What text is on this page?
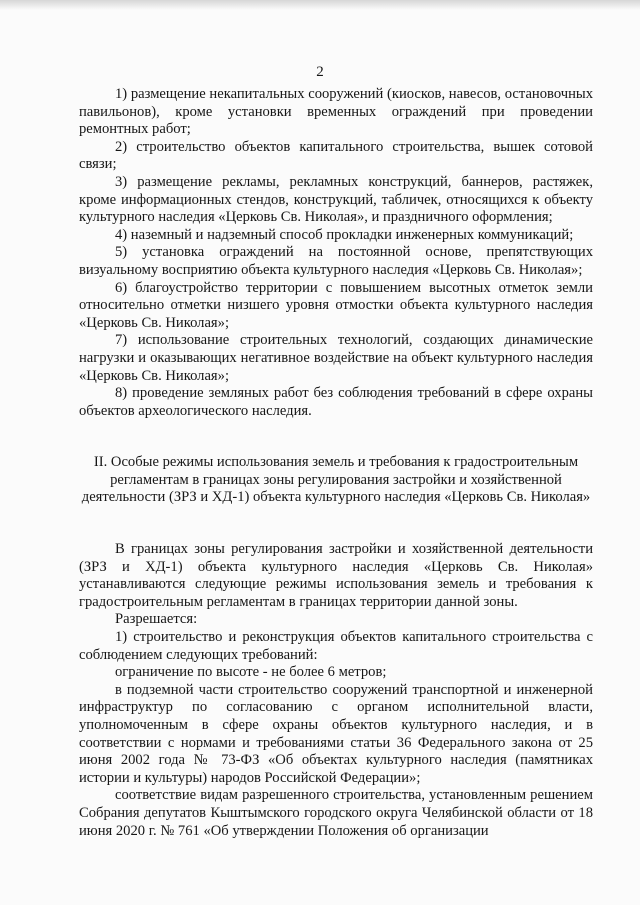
2

1) размещение некапитальных сооружений (киосков, навесов, остановочных павильонов), кроме установки временных ограждений при проведении ремонтных работ;

2) строительство объектов капитального строительства, вышек сотовой связи;

3) размещение рекламы, рекламных конструкций, баннеров, растяжек, кроме информационных стендов, конструкций, табличек, относящихся к объекту культурного наследия «Церковь Св. Николая», и праздничного оформления;

4) наземный и надземный способ прокладки инженерных коммуникаций;

5) установка ограждений на постоянной основе, препятствующих визуальному восприятию объекта культурного наследия «Церковь Св. Николая»;

6) благоустройство территории с повышением высотных отметок земли относительно отметки низшего уровня отмостки объекта культурного наследия «Церковь Св. Николая»;

7) использование строительных технологий, создающих динамические нагрузки и оказывающих негативное воздействие на объект культурного наследия «Церковь Св. Николая»;

8) проведение земляных работ без соблюдения требований в сфере охраны объектов археологического наследия.

II. Особые режимы использования земель и требования к градостроительным регламентам в границах зоны регулирования застройки и хозяйственной деятельности (ЗРЗ и ХД-1) объекта культурного наследия «Церковь Св. Николая»

В границах зоны регулирования застройки и хозяйственной деятельности (ЗРЗ и ХД-1) объекта культурного наследия «Церковь Св. Николая» устанавливаются следующие режимы использования земель и требования к градостроительным регламентам в границах территории данной зоны.

Разрешается:

1) строительство и реконструкция объектов капитального строительства с соблюдением следующих требований:

ограничение по высоте - не более 6 метров;

в подземной части строительство сооружений транспортной и инженерной инфраструктур по согласованию с органом исполнительной власти, уполномоченным в сфере охраны объектов культурного наследия, и в соответствии с нормами и требованиями статьи 36 Федерального закона от 25 июня 2002 года № 73-ФЗ «Об объектах культурного наследия (памятниках истории и культуры) народов Российской Федерации»;

соответствие видам разрешенного строительства, установленным решением Собрания депутатов Кыштымского городского округа Челябинской области от 18 июня 2020 г. № 761 «Об утверждении Положения об организации
